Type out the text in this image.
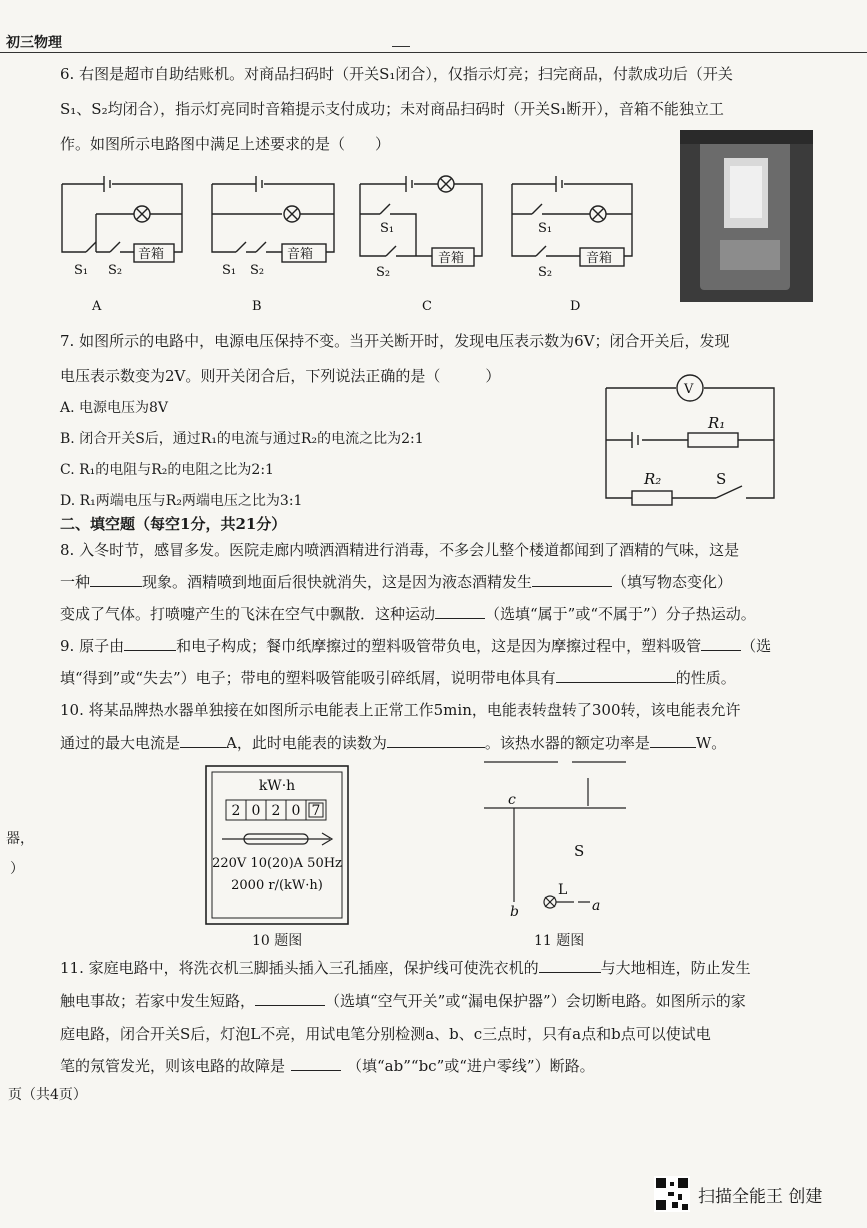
初三物理
6. 右图是超市自助结账机。对商品扫码时（开关S₁闭合），仅指示灯亮；扫完商品，付款成功后（开关
S₁、S₂均闭合），指示灯亮同时音箱提示支付成功；未对商品扫码时（开关S₁断开），音箱不能独立工
作。如图所示电路图中满足上述要求的是（　　）
音箱	音箱	音箱	音箱
S₁ S₂	S₁ S₂
S₁
S₂
S₁
S₂
A	B	C	D
7. 如图所示的电路中，电源电压保持不变。当开关断开时，发现电压表示数为6V；闭合开关后，发现
电压表示数变为2V。则开关闭合后，下列说法正确的是（　　　）
A. 电源电压为8V
B. 闭合开关S后，通过R₁的电流与通过R₂的电流之比为2:1
C. R₁的电阻与R₂的电阻之比为2:1
D. R₁两端电压与R₂两端电压之比为3:1
V
R₁
R₂	S
二、填空题（每空1分，共21分）
8. 入冬时节，感冒多发。医院走廊内喷洒酒精进行消毒，不多会儿整个楼道都闻到了酒精的气味，这是
一种	现象。酒精喷到地面后很快就消失，这是因为液态酒精发生	（填写物态变化）
变成了气体。打喷嚏产生的飞沫在空气中飘散．这种运动	（选填“属于”或“不属于”）分子热运动。
9. 原子由	和电子构成；餐巾纸摩擦过的塑料吸管带负电，这是因为摩擦过程中，塑料吸管	（选
填“得到”或“失去”）电子；带电的塑料吸管能吸引碎纸屑，说明带电体具有	的性质。
10. 将某品牌热水器单独接在如图所示电能表上正常工作5min，电能表转盘转了300转，该电能表允许
通过的最大电流是	A，此时电能表的读数为	。该热水器的额定功率是	W。
kW·h
2 0 2 0 7
220V 10(20)A 50Hz
2000 r/(kW·h)
c
S
L
b	a
10 题图	11 题图
器，
）
11. 家庭电路中，将洗衣机三脚插头插入三孔插座，保护线可使洗衣机的	与大地相连，防止发生
触电事故；若家中发生短路，	（选填“空气开关”或“漏电保护器”）会切断电路。如图所示的家
庭电路，闭合开关S后，灯泡L不亮，用试电笔分别检测a、b、c三点时，只有a点和b点可以使试电
笔的氖管发光，则该电路的故障是	（填“ab”“bc”或“进户零线”）断路。
页（共4页）
扫描全能王 创建
